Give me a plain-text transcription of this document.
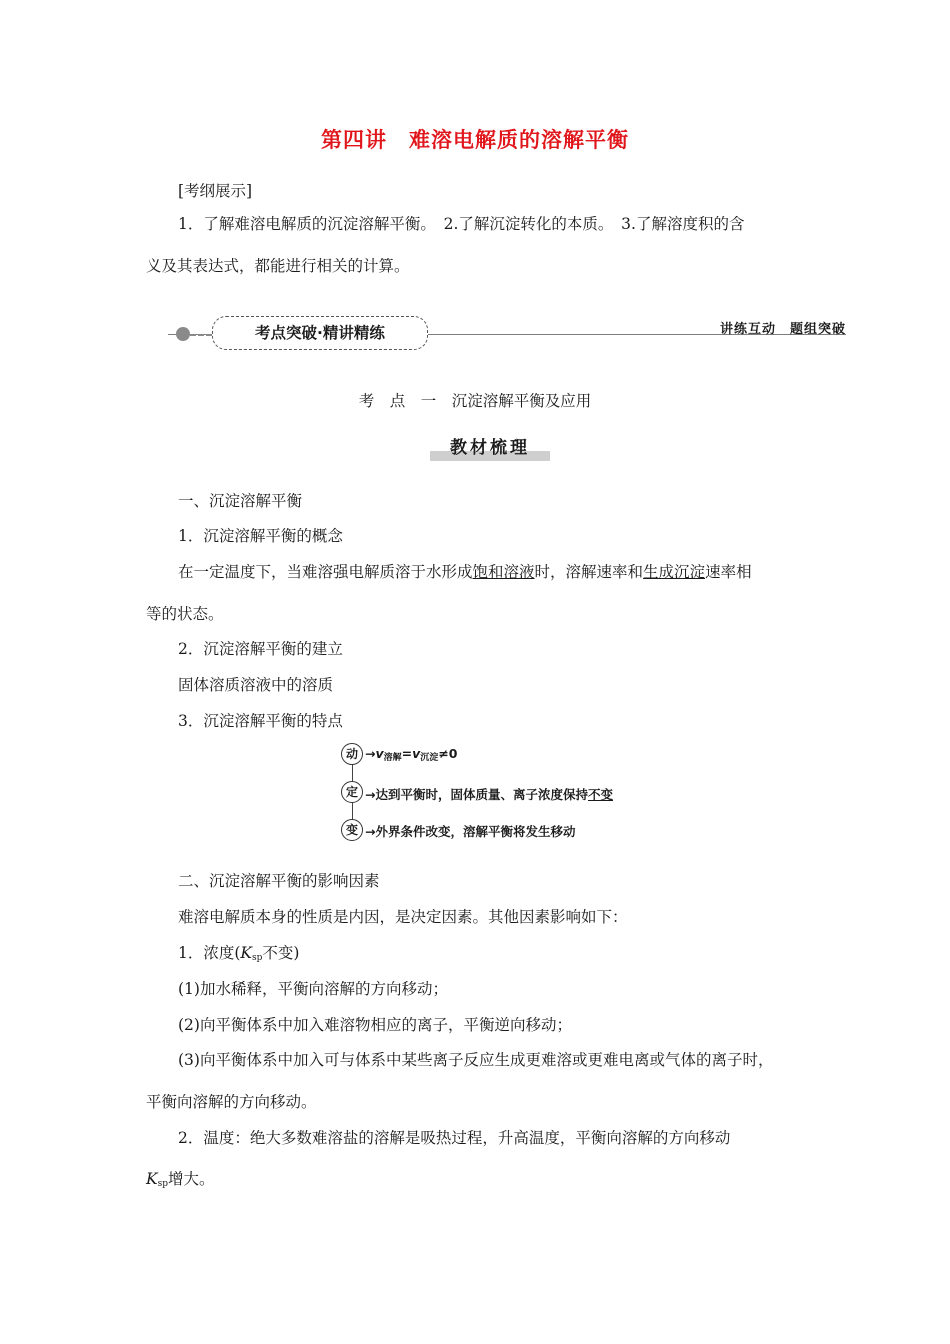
第四讲　难溶电解质的溶解平衡
[考纲展示]
1．了解难溶电解质的沉淀溶解平衡。　2.了解沉淀转化的本质。　3.了解溶度积的含
义及其表达式，都能进行相关的计算。
考点突破·精讲精练	讲练互动　题组突破
考　点　一　沉淀溶解平衡及应用
教材梳理
一、沉淀溶解平衡
1．沉淀溶解平衡的概念
在一定温度下，当难溶强电解质溶于水形成饱和溶液时，溶解速率和生成沉淀速率相
等的状态。
2．沉淀溶解平衡的建立
固体溶质溶液中的溶质
3．沉淀溶解平衡的特点
动
定
变
$\to v_{溶解}=v_{沉淀}\ne 0$
→达到平衡时，固体质量、离子浓度保持不变
→外界条件改变，溶解平衡将发生移动
二、沉淀溶解平衡的影响因素
难溶电解质本身的性质是内因，是决定因素。其他因素影响如下：
1．浓度($K_{sp}$不变)
(1)加水稀释，平衡向溶解的方向移动；
(2)向平衡体系中加入难溶物相应的离子，平衡逆向移动；
(3)向平衡体系中加入可与体系中某些离子反应生成更难溶或更难电离或气体的离子时，
平衡向溶解的方向移动。
2．温度：绝大多数难溶盐的溶解是吸热过程，升高温度，平衡向溶解的方向移动
$K_{sp}$增大。
